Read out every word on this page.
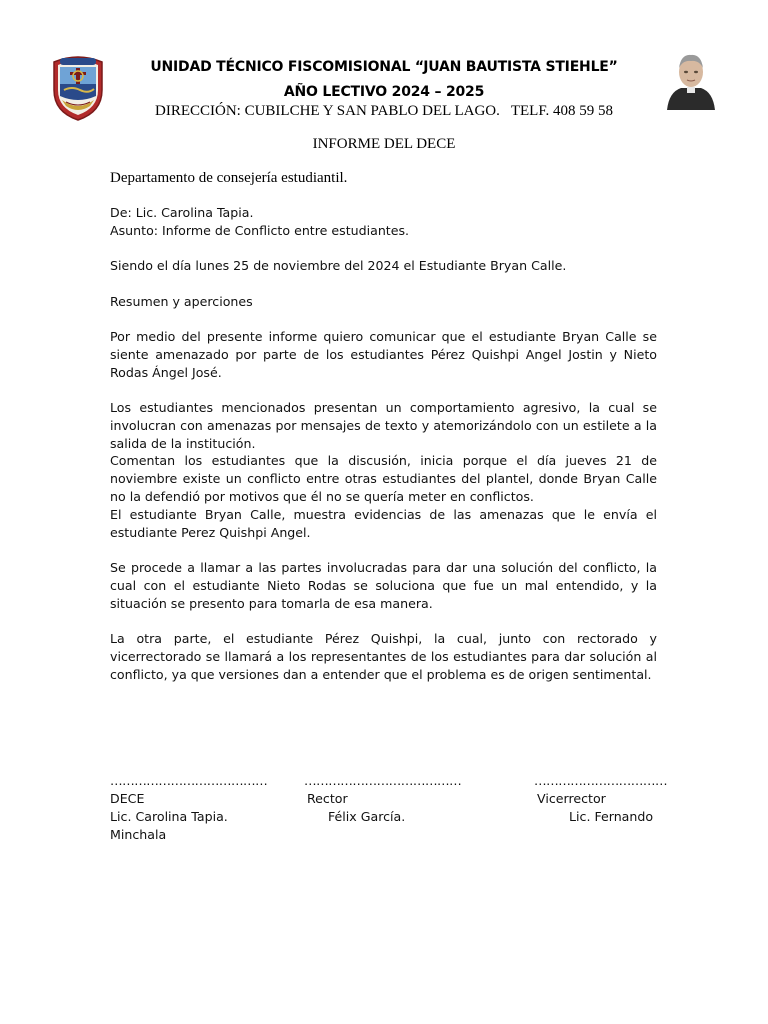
UNIDAD TÉCNICO FISCOMISIONAL “JUAN BAUTISTA STIEHLE”
AÑO LECTIVO 2024 – 2025
DIRECCIÓN: CUBILCHE Y SAN PABLO DEL LAGO.   TELF. 408 59 58
INFORME DEL DECE
Departamento de consejería estudiantil.

De: Lic. Carolina Tapia.

Asunto: Informe de Conflicto entre estudiantes.

Siendo el día lunes 25 de noviembre del 2024 el Estudiante Bryan Calle.

Resumen y aperciones

Por medio del presente informe quiero comunicar que el estudiante Bryan Calle se siente amenazado por parte de los estudiantes Pérez Quishpi Angel Jostin y Nieto Rodas Ángel José.

Los estudiantes mencionados presentan un comportamiento agresivo, la cual se involucran con amenazas por mensajes de texto y atemorizándolo con un estilete a la salida de la institución.

Comentan los estudiantes que la discusión, inicia porque el día jueves 21 de noviembre existe un conflicto entre otras estudiantes del plantel, donde Bryan Calle no la defendió por motivos que él no se quería meter en conflictos.

El estudiante Bryan Calle, muestra evidencias de las amenazas que le envía el estudiante Perez Quishpi Angel.

Se procede a llamar a las partes involucradas para dar una solución del conflicto, la cual con el estudiante Nieto Rodas se soluciona que fue un mal entendido, y la situación se presento para tomarla de esa manera.

La otra parte, el estudiante Pérez Quishpi, la cual, junto con rectorado y vicerrectorado se llamará a los representantes de los estudiantes para dar solución al conflicto, ya que versiones dan a entender que el problema es de origen sentimental.

…………………………………	…………………………………	……………………………
DECE	Rector	Vicerrector
Lic. Carolina Tapia.	Félix García.	Lic. Fernando
Minchala
